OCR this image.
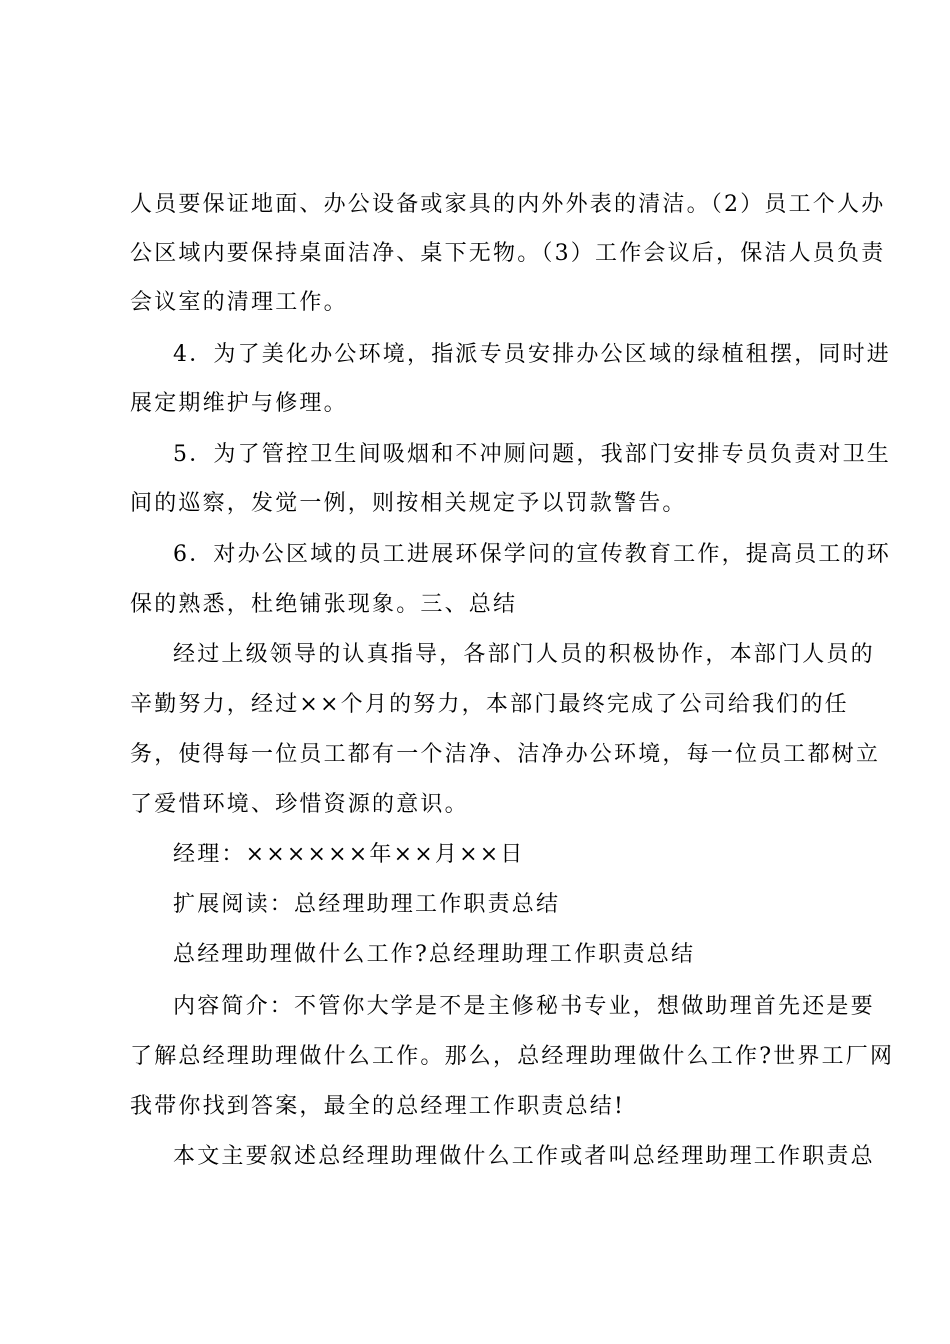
人员要保证地面、办公设备或家具的内外外表的清洁。（2）员工个人办
公区域内要保持桌面洁净、桌下无物。（3）工作会议后，保洁人员负责
会议室的清理工作。
4．为了美化办公环境，指派专员安排办公区域的绿植租摆，同时进
展定期维护与修理。
5．为了管控卫生间吸烟和不冲厕问题，我部门安排专员负责对卫生
间的巡察，发觉一例，则按相关规定予以罚款警告。
6．对办公区域的员工进展环保学问的宣传教育工作，提高员工的环
保的熟悉，杜绝铺张现象。三、总结
经过上级领导的认真指导，各部门人员的积极协作，本部门人员的
辛勤努力，经过××个月的努力，本部门最终完成了公司给我们的任
务，使得每一位员工都有一个洁净、洁净办公环境，每一位员工都树立
了爱惜环境、珍惜资源的意识。
经理：××××××年××月××日
扩展阅读：总经理助理工作职责总结
总经理助理做什么工作?总经理助理工作职责总结
内容简介：不管你大学是不是主修秘书专业，想做助理首先还是要
了解总经理助理做什么工作。那么，总经理助理做什么工作?世界工厂网
我带你找到答案，最全的总经理工作职责总结!
本文主要叙述总经理助理做什么工作或者叫总经理助理工作职责总
